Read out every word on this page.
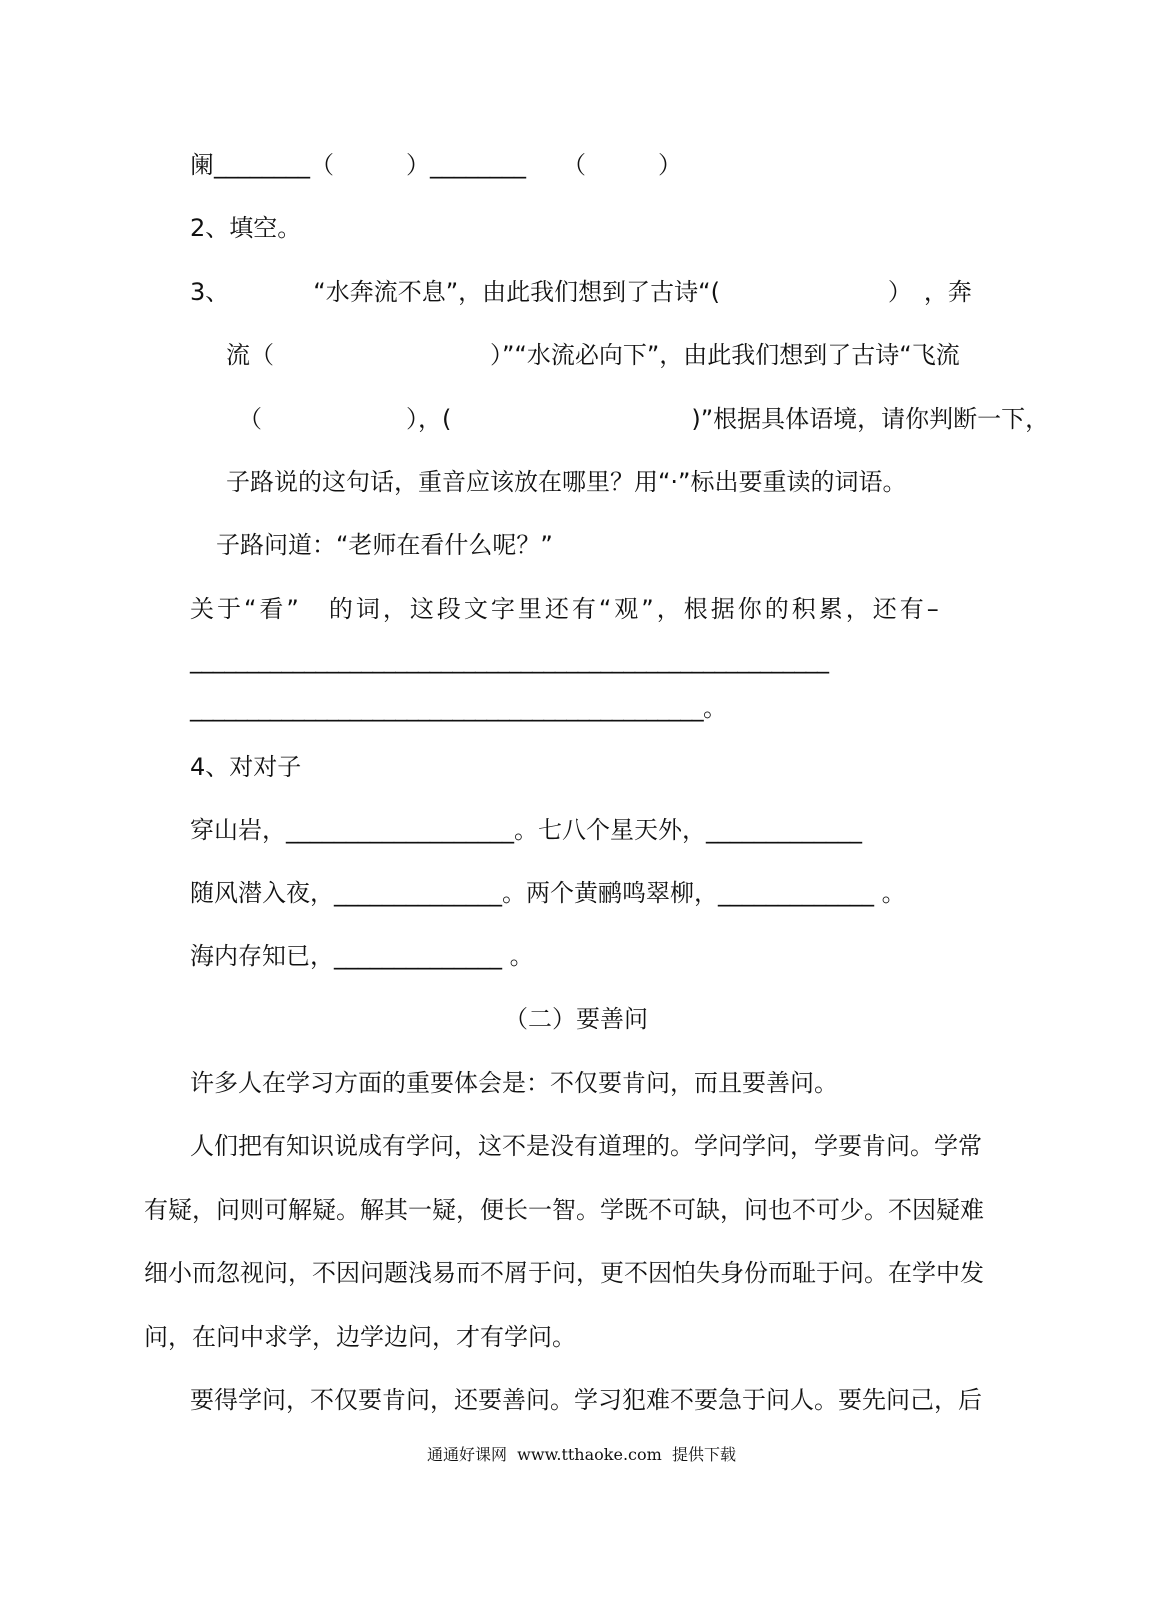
阑________（　　　）________　　（　　　）

2、填空。

3、　　　　“水奔流不息”，由此我们想到了古诗“(　　　　　　　）　，奔

流（　　　　　　　　　）”“水流必向下”，由此我们想到了古诗“飞流

（　　　　　　），(　　　　　　　　　　)”根据具体语境，请你判断一下，

子路说的这句话，重音应该放在哪里？用“·”标出要重读的词语。

子路问道：“老师在看什么呢？”

关于“看”　的词，这段文字里还有“观”，根据你的积累，还有–

________________________________________________________

_____________________________________________。

4、对对子

穿山岩，___________________。七八个星天外，_____________

随风潜入夜，______________。两个黄鹂鸣翠柳，_____________ 。

海内存知已，______________ 。

（二）要善问

许多人在学习方面的重要体会是：不仅要肯问，而且要善问。

人们把有知识说成有学问，这不是没有道理的。学问学问，学要肯问。学常

有疑，问则可解疑。解其一疑，便长一智。学既不可缺，问也不可少。不因疑难

细小而忽视问，不因问题浅易而不屑于问，更不因怕失身份而耻于问。在学中发

问，在问中求学，边学边问，才有学问。

要得学问，不仅要肯问，还要善问。学习犯难不要急于问人。要先问己，后

通通好课网  www.tthaoke.com  提供下载
